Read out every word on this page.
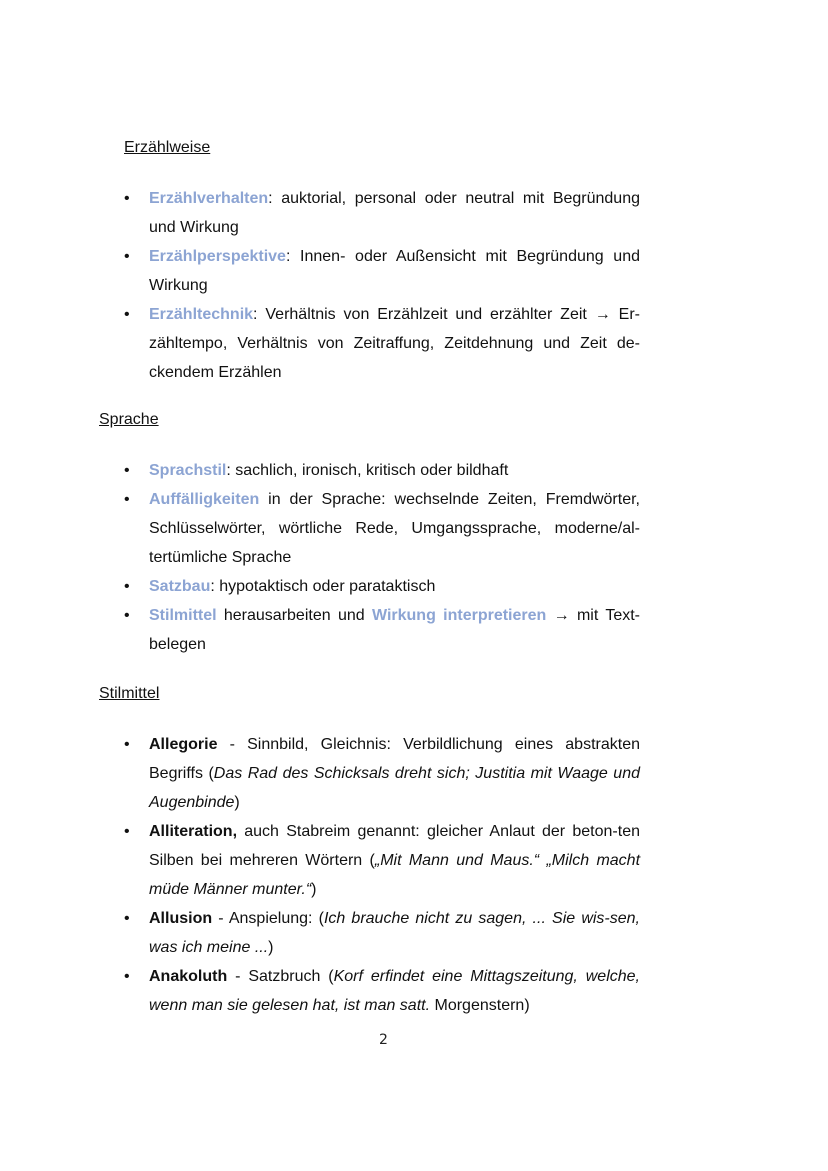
Erzählweise
• Erzählverhalten: auktorial, personal oder neutral mit Begründung und Wirkung
• Erzählperspektive: Innen- oder Außensicht mit Begründung und Wirkung
• Erzähltechnik: Verhältnis von Erzählzeit und erzählter Zeit → Er-zähltempo, Verhältnis von Zeitraffung, Zeitdehnung und Zeit de-ckendem Erzählen
Sprache
• Sprachstil: sachlich, ironisch, kritisch oder bildhaft
• Auffälligkeiten in der Sprache: wechselnde Zeiten, Fremdwörter, Schlüsselwörter, wörtliche Rede, Umgangssprache, moderne/al-tertümliche Sprache
• Satzbau: hypotaktisch oder parataktisch
• Stilmittel herausarbeiten und Wirkung interpretieren → mit Text-belegen
Stilmittel
• Allegorie - Sinnbild, Gleichnis: Verbildlichung eines abstrakten Begriffs (Das Rad des Schicksals dreht sich; Justitia mit Waage und Augenbinde)
• Alliteration, auch Stabreim genannt: gleicher Anlaut der beton-ten Silben bei mehreren Wörtern („Mit Mann und Maus.“ „Milch macht müde Männer munter.“)
• Allusion - Anspielung: (Ich brauche nicht zu sagen, ... Sie wis-sen, was ich meine ...)
• Anakoluth - Satzbruch (Korf erfindet eine Mittagszeitung, welche, wenn man sie gelesen hat, ist man satt. Morgenstern)
2
